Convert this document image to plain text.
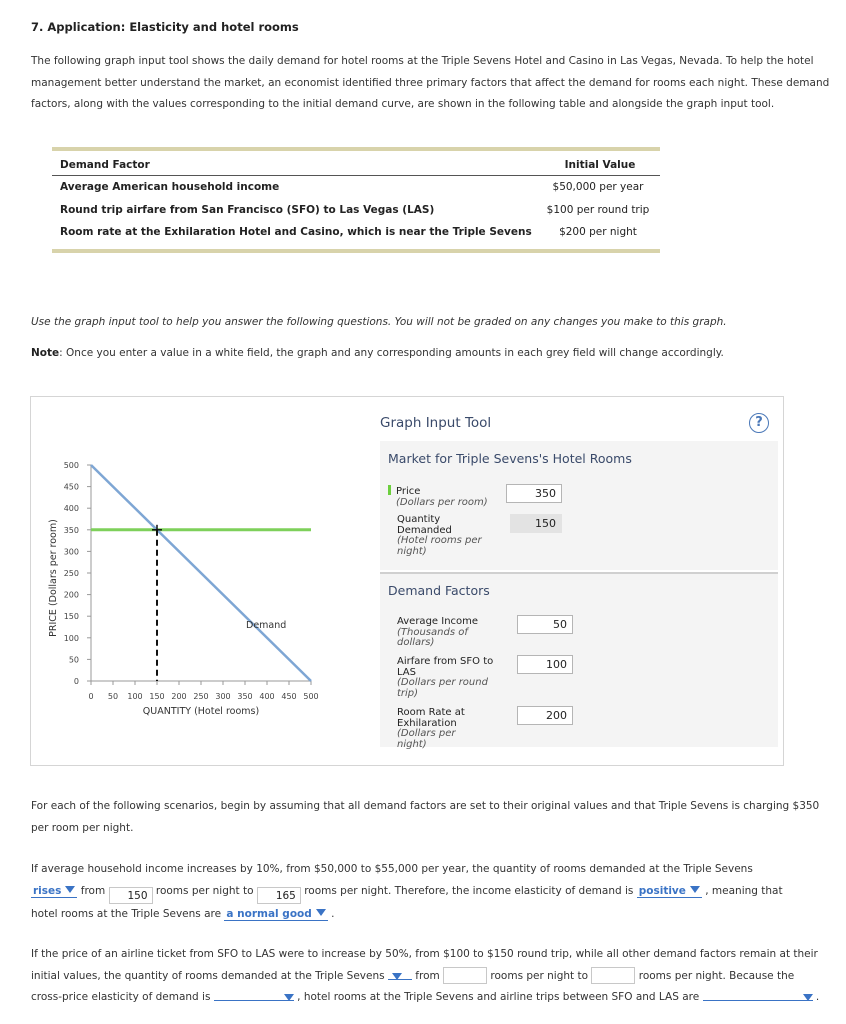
7. Application: Elasticity and hotel rooms
The following graph input tool shows the daily demand for hotel rooms at the Triple Sevens Hotel and Casino in Las Vegas, Nevada. To help the hotel management better understand the market, an economist identified three primary factors that affect the demand for rooms each night. These demand factors, along with the values corresponding to the initial demand curve, are shown in the following table and alongside the graph input tool.
Demand Factor	Initial Value
Average American household income	$50,000 per year
Round trip airfare from San Francisco (SFO) to Las Vegas (LAS)	$100 per round trip
Room rate at the Exhilaration Hotel and Casino, which is near the Triple Sevens	$200 per night
Use the graph input tool to help you answer the following questions. You will not be graded on any changes you make to this graph.
Note: Once you enter a value in a white field, the graph and any corresponding amounts in each grey field will change accordingly.
0
50
100
150
200
250
300
350
400
450
500
0 50 100 150 200 250 300 350 400 450 500
QUANTITY (Hotel rooms)
PRICE (Dollars per room)	Demand
Graph Input Tool	?
Market for Triple Sevens's Hotel Rooms
Price
(Dollars per room)
350
Quantity Demanded
(Hotel rooms per night)
150
Demand Factors
Average Income
(Thousands of dollars)
50
Airfare from SFO to LAS
(Dollars per round trip)
100
Room Rate at Exhilaration
(Dollars per night)
200
For each of the following scenarios, begin by assuming that all demand factors are set to their original values and that Triple Sevens is charging $350 per room per night.
If average household income increases by 10%, from $50,000 to $55,000 per year, the quantity of rooms demanded at the Triple Sevens
rises from 150 rooms per night to 165 rooms per night. Therefore, the income elasticity of demand is positive , meaning that
hotel rooms at the Triple Sevens are a normal good .
If the price of an airline ticket from SFO to LAS were to increase by 50%, from $100 to $150 round trip, while all other demand factors remain at their
initial values, the quantity of rooms demanded at the Triple Sevens	from	rooms per night to	rooms per night. Because the
cross-price elasticity of demand is	, hotel rooms at the Triple Sevens and airline trips between SFO and LAS are	.
